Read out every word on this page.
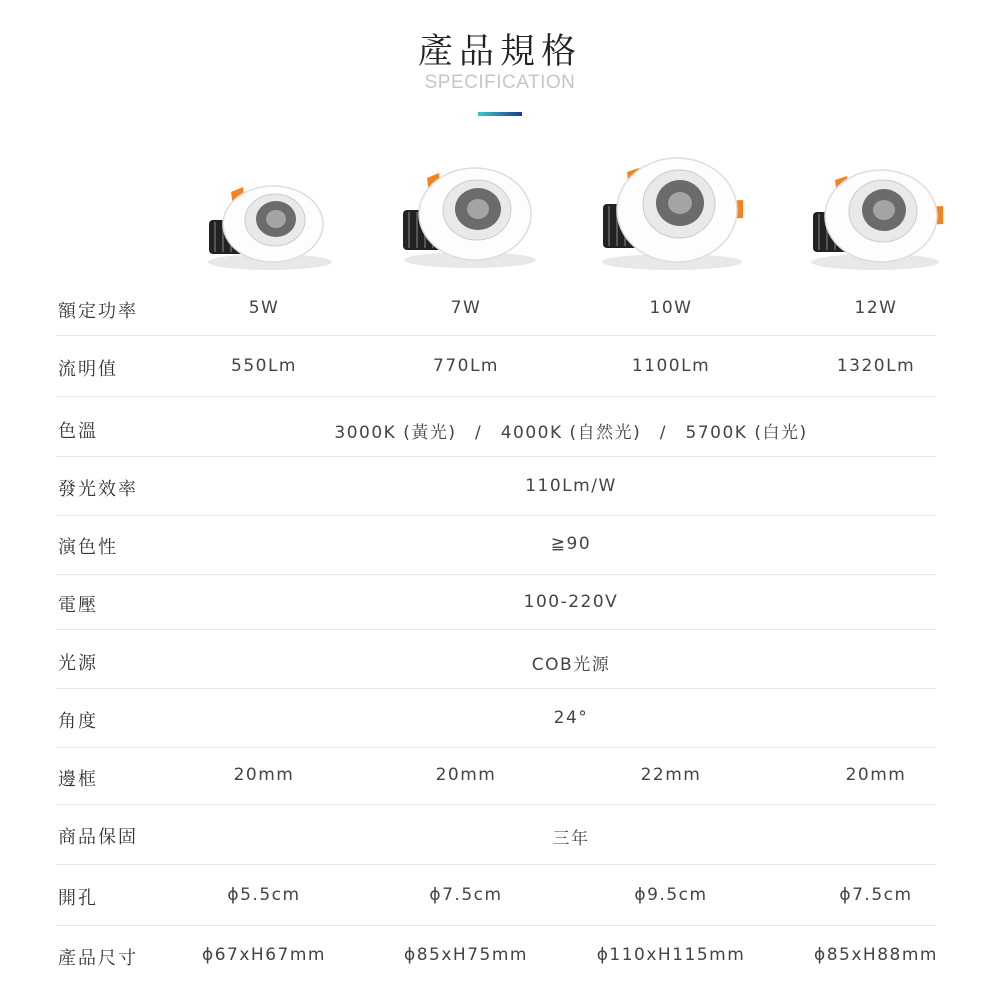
產品規格
SPECIFICATION
額定功率	5W	7W	10W	12W
流明值	550Lm	770Lm	1100Lm	1320Lm
色溫	3000K (黃光)　/　4000K (自然光)　/　5700K (白光)
發光效率	110Lm/W
演色性	≧90
電壓	100-220V
光源	COB光源
角度	24°
邊框	20mm	20mm	22mm	20mm
商品保固	三年
開孔	ϕ5.5cm	ϕ7.5cm	ϕ9.5cm	ϕ7.5cm
產品尺寸	ϕ67xH67mm	ϕ85xH75mm	ϕ110xH115mm	ϕ85xH88mm
